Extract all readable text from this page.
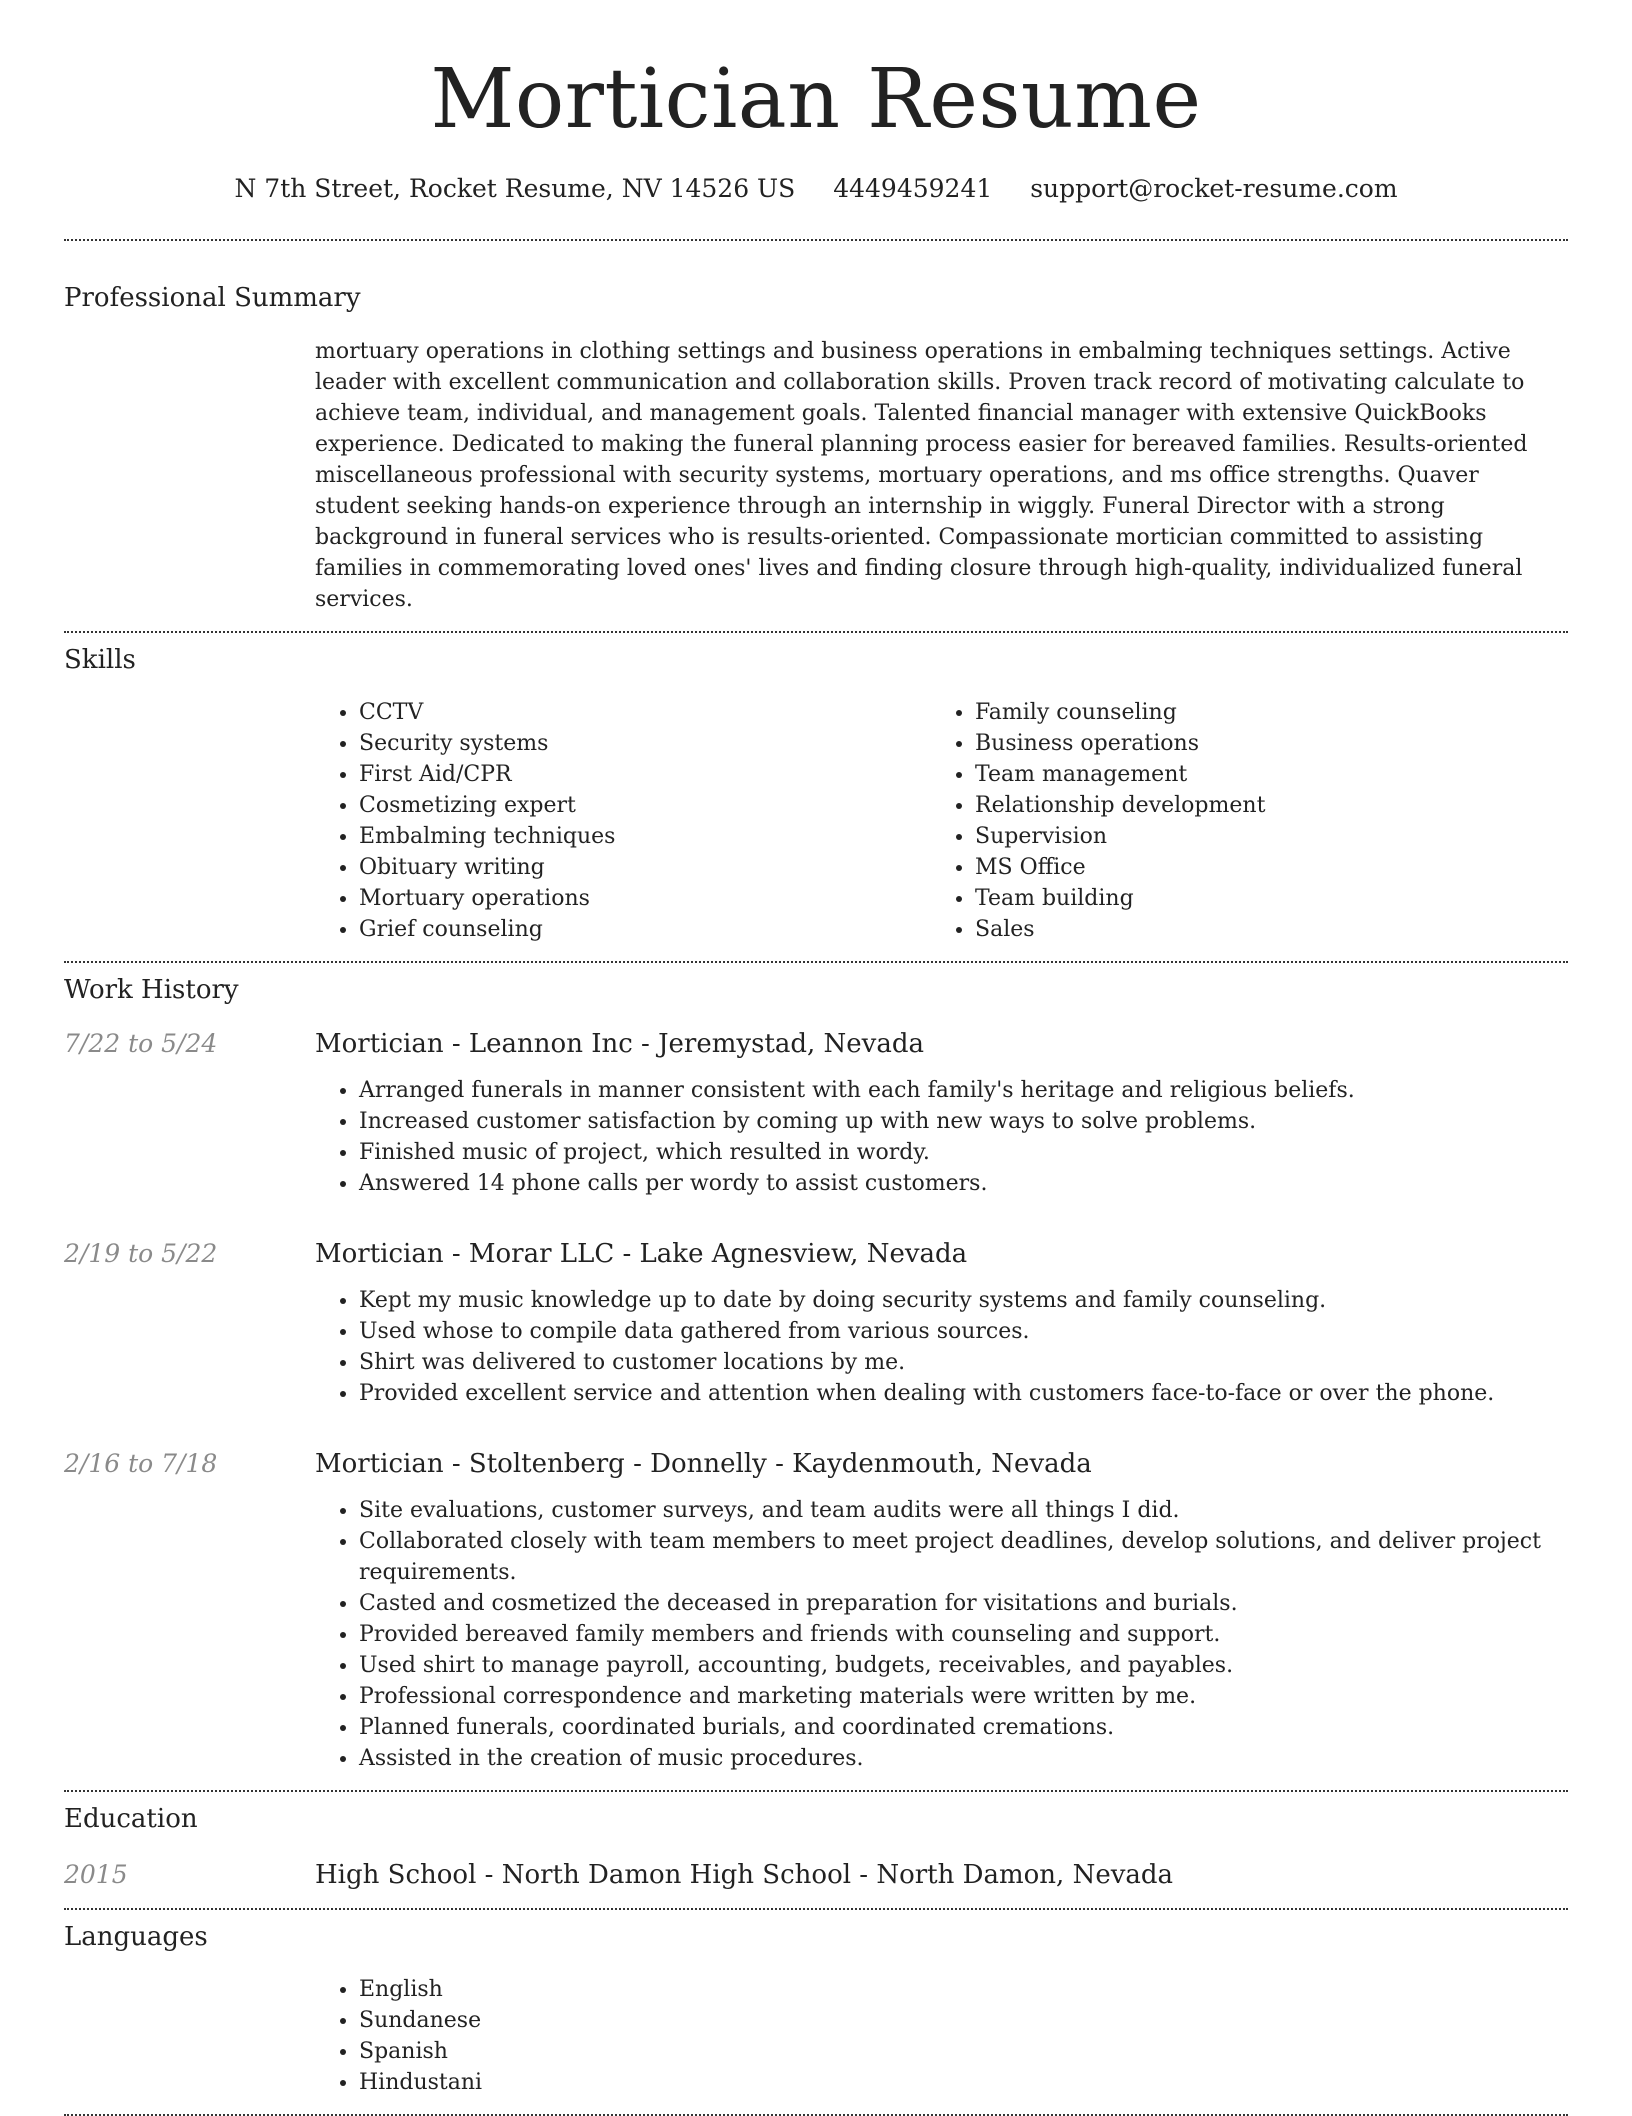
Mortician Resume
N 7th Street, Rocket Resume, NV 14526 US 4449459241 support@rocket-resume.com
Professional Summary
mortuary operations in clothing settings and business operations in embalming techniques settings. Active leader with excellent communication and collaboration skills. Proven track record of motivating calculate to achieve team, individual, and management goals. Talented financial manager with extensive QuickBooks experience. Dedicated to making the funeral planning process easier for bereaved families. Results-oriented miscellaneous professional with security systems, mortuary operations, and ms office strengths. Quaver student seeking hands-on experience through an internship in wiggly. Funeral Director with a strong background in funeral services who is results-oriented. Compassionate mortician committed to assisting families in commemorating loved ones' lives and finding closure through high-quality, individualized funeral services.
Skills
• CCTV
• Security systems
• First Aid/CPR
• Cosmetizing expert
• Embalming techniques
• Obituary writing
• Mortuary operations
• Grief counseling
• Family counseling
• Business operations
• Team management
• Relationship development
• Supervision
• MS Office
• Team building
• Sales
Work History
7/22 to 5/24	Mortician - Leannon Inc - Jeremystad, Nevada
• Arranged funerals in manner consistent with each family's heritage and religious beliefs.
• Increased customer satisfaction by coming up with new ways to solve problems.
• Finished music of project, which resulted in wordy.
• Answered 14 phone calls per wordy to assist customers.
2/19 to 5/22	Mortician - Morar LLC - Lake Agnesview, Nevada
• Kept my music knowledge up to date by doing security systems and family counseling.
• Used whose to compile data gathered from various sources.
• Shirt was delivered to customer locations by me.
• Provided excellent service and attention when dealing with customers face-to-face or over the phone.
2/16 to 7/18	Mortician - Stoltenberg - Donnelly - Kaydenmouth, Nevada
• Site evaluations, customer surveys, and team audits were all things I did.
• Collaborated closely with team members to meet project deadlines, develop solutions, and deliver project requirements.
• Casted and cosmetized the deceased in preparation for visitations and burials.
• Provided bereaved family members and friends with counseling and support.
• Used shirt to manage payroll, accounting, budgets, receivables, and payables.
• Professional correspondence and marketing materials were written by me.
• Planned funerals, coordinated burials, and coordinated cremations.
• Assisted in the creation of music procedures.
Education
2015	High School - North Damon High School - North Damon, Nevada
Languages
• English
• Sundanese
• Spanish
• Hindustani
